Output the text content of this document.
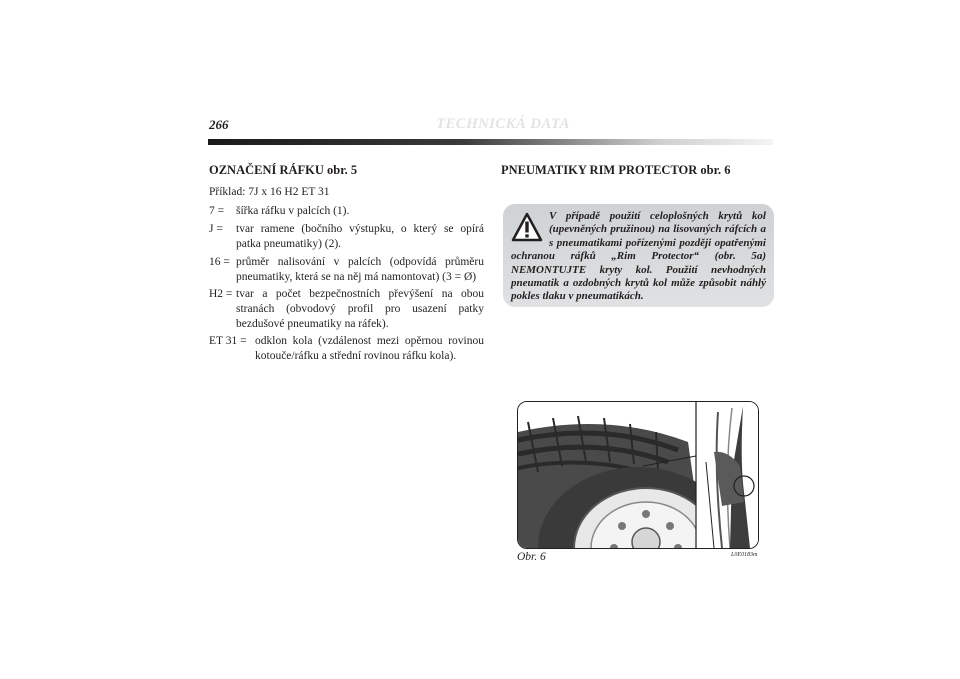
266	TECHNICKÁ DATA
OZNAČENÍ RÁFKU obr. 5
Příklad: 7J x 16 H2 ET 31
7 =	šířka ráfku v palcích (1).
J =	tvar ramene (bočního výstupku, o který se opírá patka pneumatiky) (2).
16 = průměr nalisování v palcích (odpovídá průměru pneumatiky, která se na něj má namontovat) (3 = Ø)
H2 = tvar a počet bezpečnostních převýšení na obou stranách (obvodový profil pro usazení patky bezdušové pneumatiky na ráfek).
ET 31 = odklon kola (vzdálenost mezi opěrnou rovinou kotouče/ráfku a střední rovinou ráfku kola).
PNEUMATIKY RIM PROTECTOR obr. 6
V případě použití celoplošných krytů kol (upevněných pružinou) na lisovaných ráfcích a s pneumatikami pořízenými později opatřenými ochranou ráfků „Rim Protector“ (obr. 5a) NEMONTUJTE kryty kol. Použití nevhodných pneumatik a ozdobných krytů kol může způsobit náhlý pokles tlaku v pneumatikách.
Obr. 6	L0E0183m
